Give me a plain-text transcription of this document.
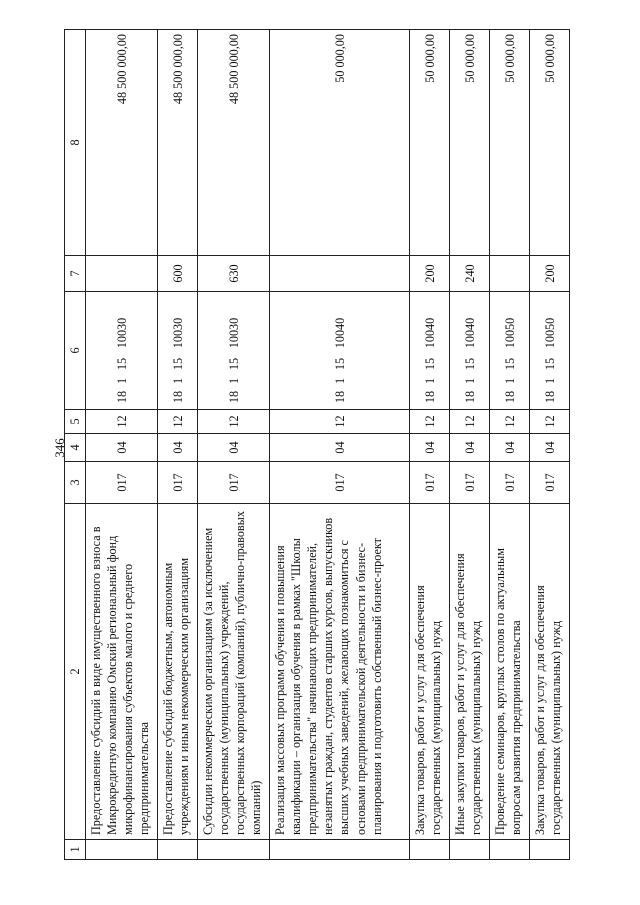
346
1	2	3	4	5	6	7	8
	Предоставление субсидий в виде имущественного взноса в Микрокредитную компанию Омский региональный фонд микрофинансирования субъектов малого и среднего предпринимательства	017	04	12	1811510030		48 500 000,00
	Предоставление субсидий бюджетным, автономным учреждениям и иным некоммерческим организациям	017	04	12	1811510030	600	48 500 000,00
	Субсидии некоммерческим организациям (за исключением государственных (муниципальных) учреждений, государственных корпораций (компаний), публично-правовых компаний)	017	04	12	1811510030	630	48 500 000,00
	Реализация массовых программ обучения и повышения квалификации – организация обучения в рамках "Школы предпринимательства" начинающих предпринимателей, незанятых граждан, студентов старших курсов, выпускников высших учебных заведений, желающих познакомиться с основами предпринимательской деятельности и бизнес-планирования и подготовить собственный бизнес-проект	017	04	12	1811510040		50 000,00
	Закупка товаров, работ и услуг для обеспечения государственных (муниципальных) нужд	017	04	12	1811510040	200	50 000,00
	Иные закупки товаров, работ и услуг для обеспечения государственных (муниципальных) нужд	017	04	12	1811510040	240	50 000,00
	Проведение семинаров, круглых столов по актуальным вопросам развития предпринимательства	017	04	12	1811510050		50 000,00
	Закупка товаров, работ и услуг для обеспечения государственных (муниципальных) нужд	017	04	12	1811510050	200	50 000,00
